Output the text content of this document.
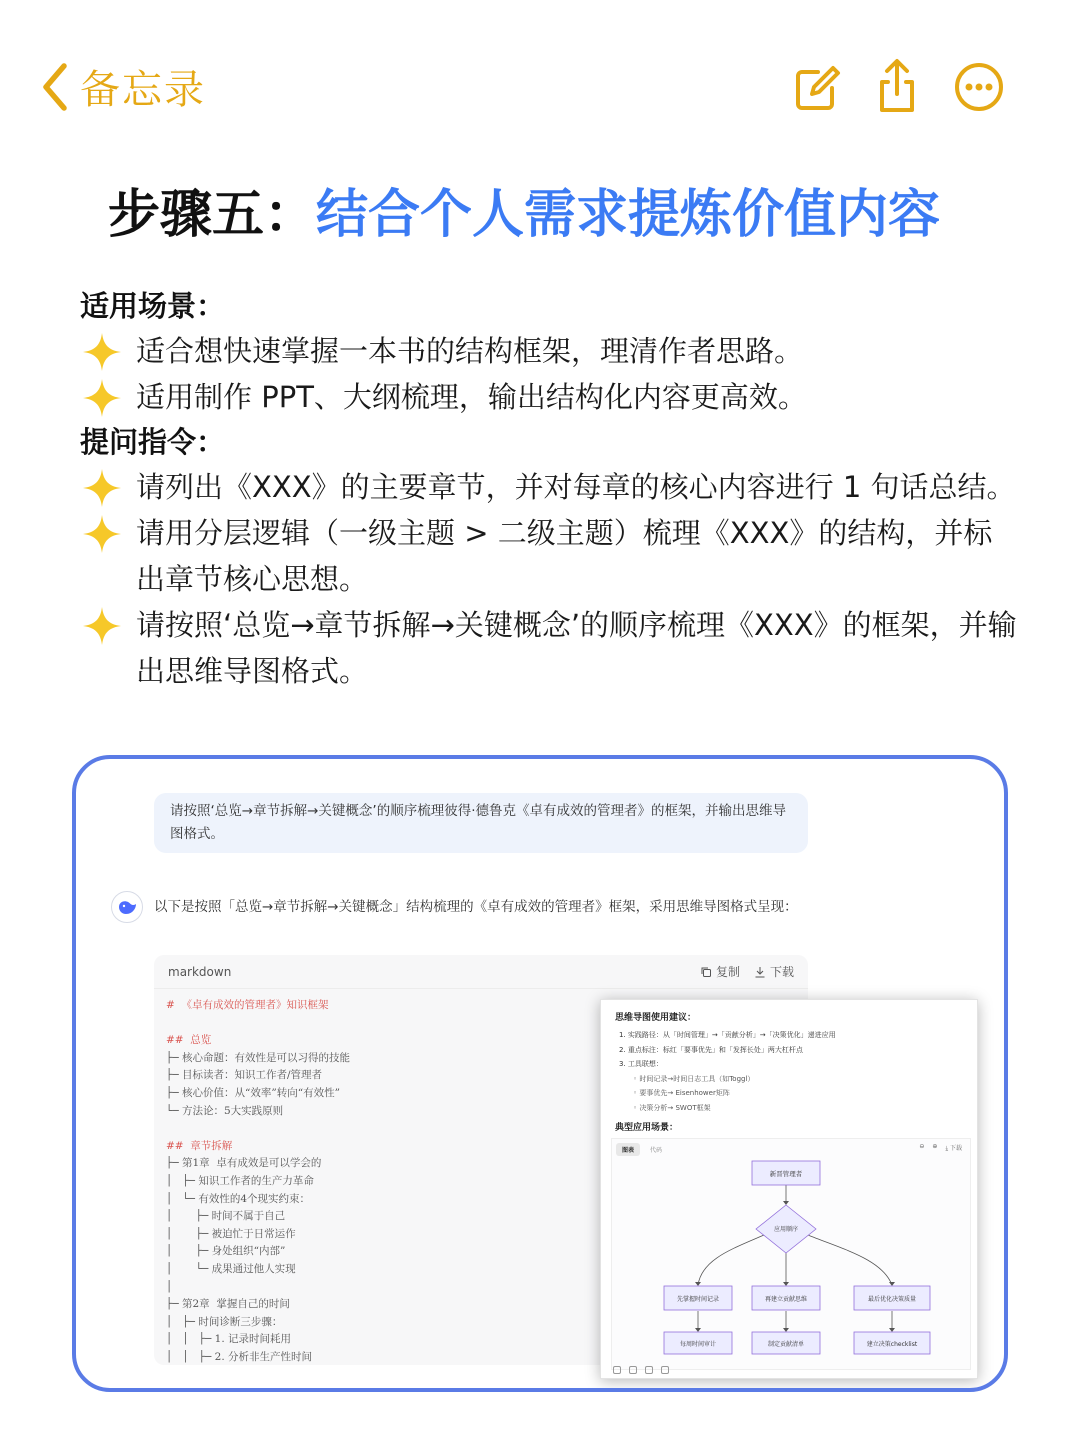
备忘录
步骤五：结合个人需求提炼价值内容
适用场景：
适合想快速掌握一本书的结构框架，理清作者思路。
适用制作 PPT、大纲梳理，输出结构化内容更高效。
提问指令：
请列出《XXX》的主要章节，并对每章的核心内容进行 1 句话总结。
请用分层逻辑（一级主题 > 二级主题）梳理《XXX》的结构，并标出章节核心思想。
请按照‘总览→章节拆解→关键概念’的顺序梳理《XXX》的框架，并输出思维导图格式。
请按照‘总览→章节拆解→关键概念’的顺序梳理彼得·德鲁克《卓有成效的管理者》的框架，并输出思维导图格式。
以下是按照「总览→章节拆解→关键概念」结构梳理的《卓有成效的管理者》框架，采用思维导图格式呈现：
markdown	复制	下载
#  《卓有成效的管理者》知识框架
##  总览
├─ 核心命题：有效性是可以习得的技能
├─ 目标读者：知识工作者/管理者
├─ 核心价值：从“效率”转向“有效性”
└─ 方法论：5大实践原则
##  章节拆解
├─ 第1章  卓有成效是可以学会的
│   ├─ 知识工作者的生产力革命
│   └─ 有效性的4个现实约束：
│       ├─ 时间不属于自己
│       ├─ 被迫忙于日常运作
│       ├─ 身处组织“内部”
│       └─ 成果通过他人实现
│
├─ 第2章  掌握自己的时间
│   ├─ 时间诊断三步骤：
│   │   ├─ 1. 记录时间耗用
│   │   ├─ 2. 分析非生产性时间
思维导图使用建议：
1. 实践路径：从「时间管理」→「贡献分析」→「决策优化」递进应用
2. 重点标注：标红「要事优先」和「发挥长处」两大杠杆点
3. 工具联想：
◦ 时间记录→时间日志工具（如Toggl）
◦ 要事优先→ Eisenhower矩阵
◦ 决策分析→ SWOT框架
典型应用场景：
新晋管理者
应用顺序
先掌握时间记录	再建立贡献思维	最后优化决策质量
每周时间审计	制定贡献清单	建立决策checklist
图表	代码
⊖ ⊕ ⤓ 下载
